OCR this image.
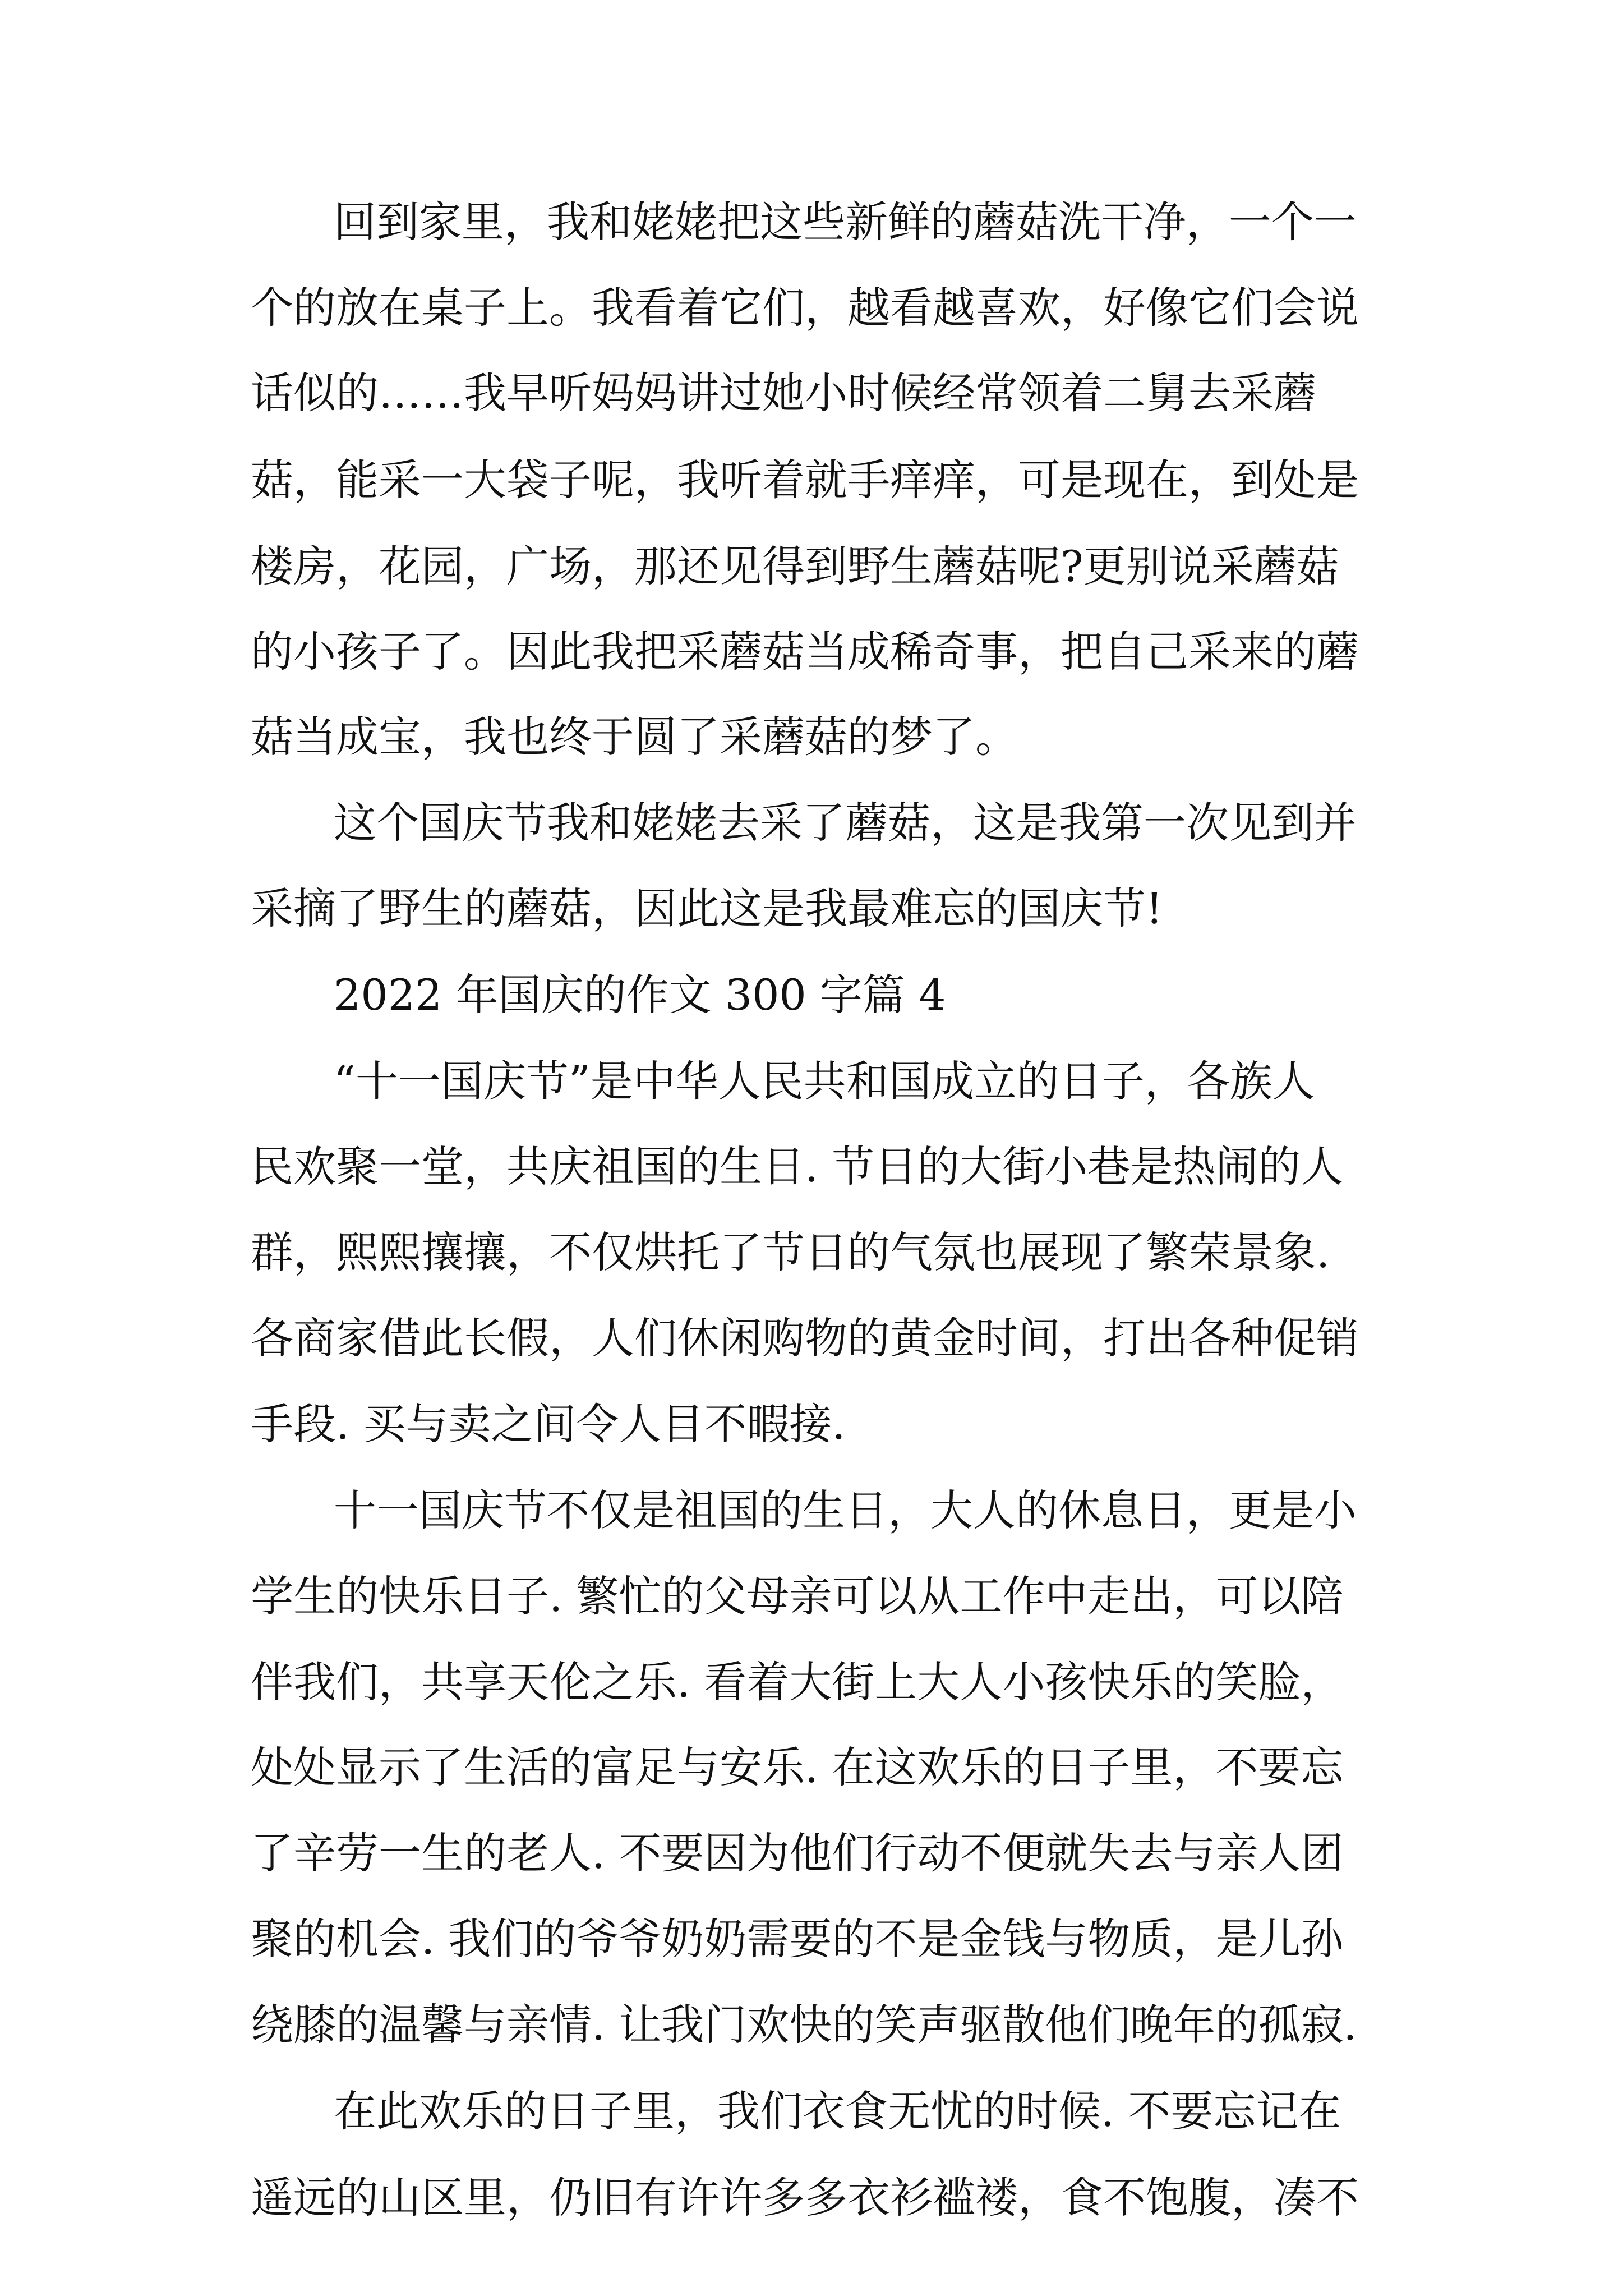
回到家里，我和姥姥把这些新鲜的蘑菇洗干净，一个一
个的放在桌子上。我看着它们，越看越喜欢，好像它们会说
话似的……我早听妈妈讲过她小时候经常领着二舅去采蘑
菇，能采一大袋子呢，我听着就手痒痒，可是现在，到处是
楼房，花园，广场，那还见得到野生蘑菇呢?更别说采蘑菇
的小孩子了。因此我把采蘑菇当成稀奇事，把自己采来的蘑
菇当成宝，我也终于圆了采蘑菇的梦了。
这个国庆节我和姥姥去采了蘑菇，这是我第一次见到并
采摘了野生的蘑菇，因此这是我最难忘的国庆节!
2022 年国庆的作文 300 字篇 4
“十一国庆节”是中华人民共和国成立的日子，各族人
民欢聚一堂，共庆祖国的生日. 节日的大街小巷是热闹的人
群，熙熙攘攘，不仅烘托了节日的气氛也展现了繁荣景象.
各商家借此长假，人们休闲购物的黄金时间，打出各种促销
手段. 买与卖之间令人目不暇接.
十一国庆节不仅是祖国的生日，大人的休息日，更是小
学生的快乐日子. 繁忙的父母亲可以从工作中走出，可以陪
伴我们，共享天伦之乐. 看着大街上大人小孩快乐的笑脸，
处处显示了生活的富足与安乐. 在这欢乐的日子里，不要忘
了辛劳一生的老人. 不要因为他们行动不便就失去与亲人团
聚的机会. 我们的爷爷奶奶需要的不是金钱与物质，是儿孙
绕膝的温馨与亲情. 让我门欢快的笑声驱散他们晚年的孤寂.
在此欢乐的日子里，我们衣食无忧的时候. 不要忘记在
遥远的山区里，仍旧有许许多多衣衫褴褛，食不饱腹，凑不
